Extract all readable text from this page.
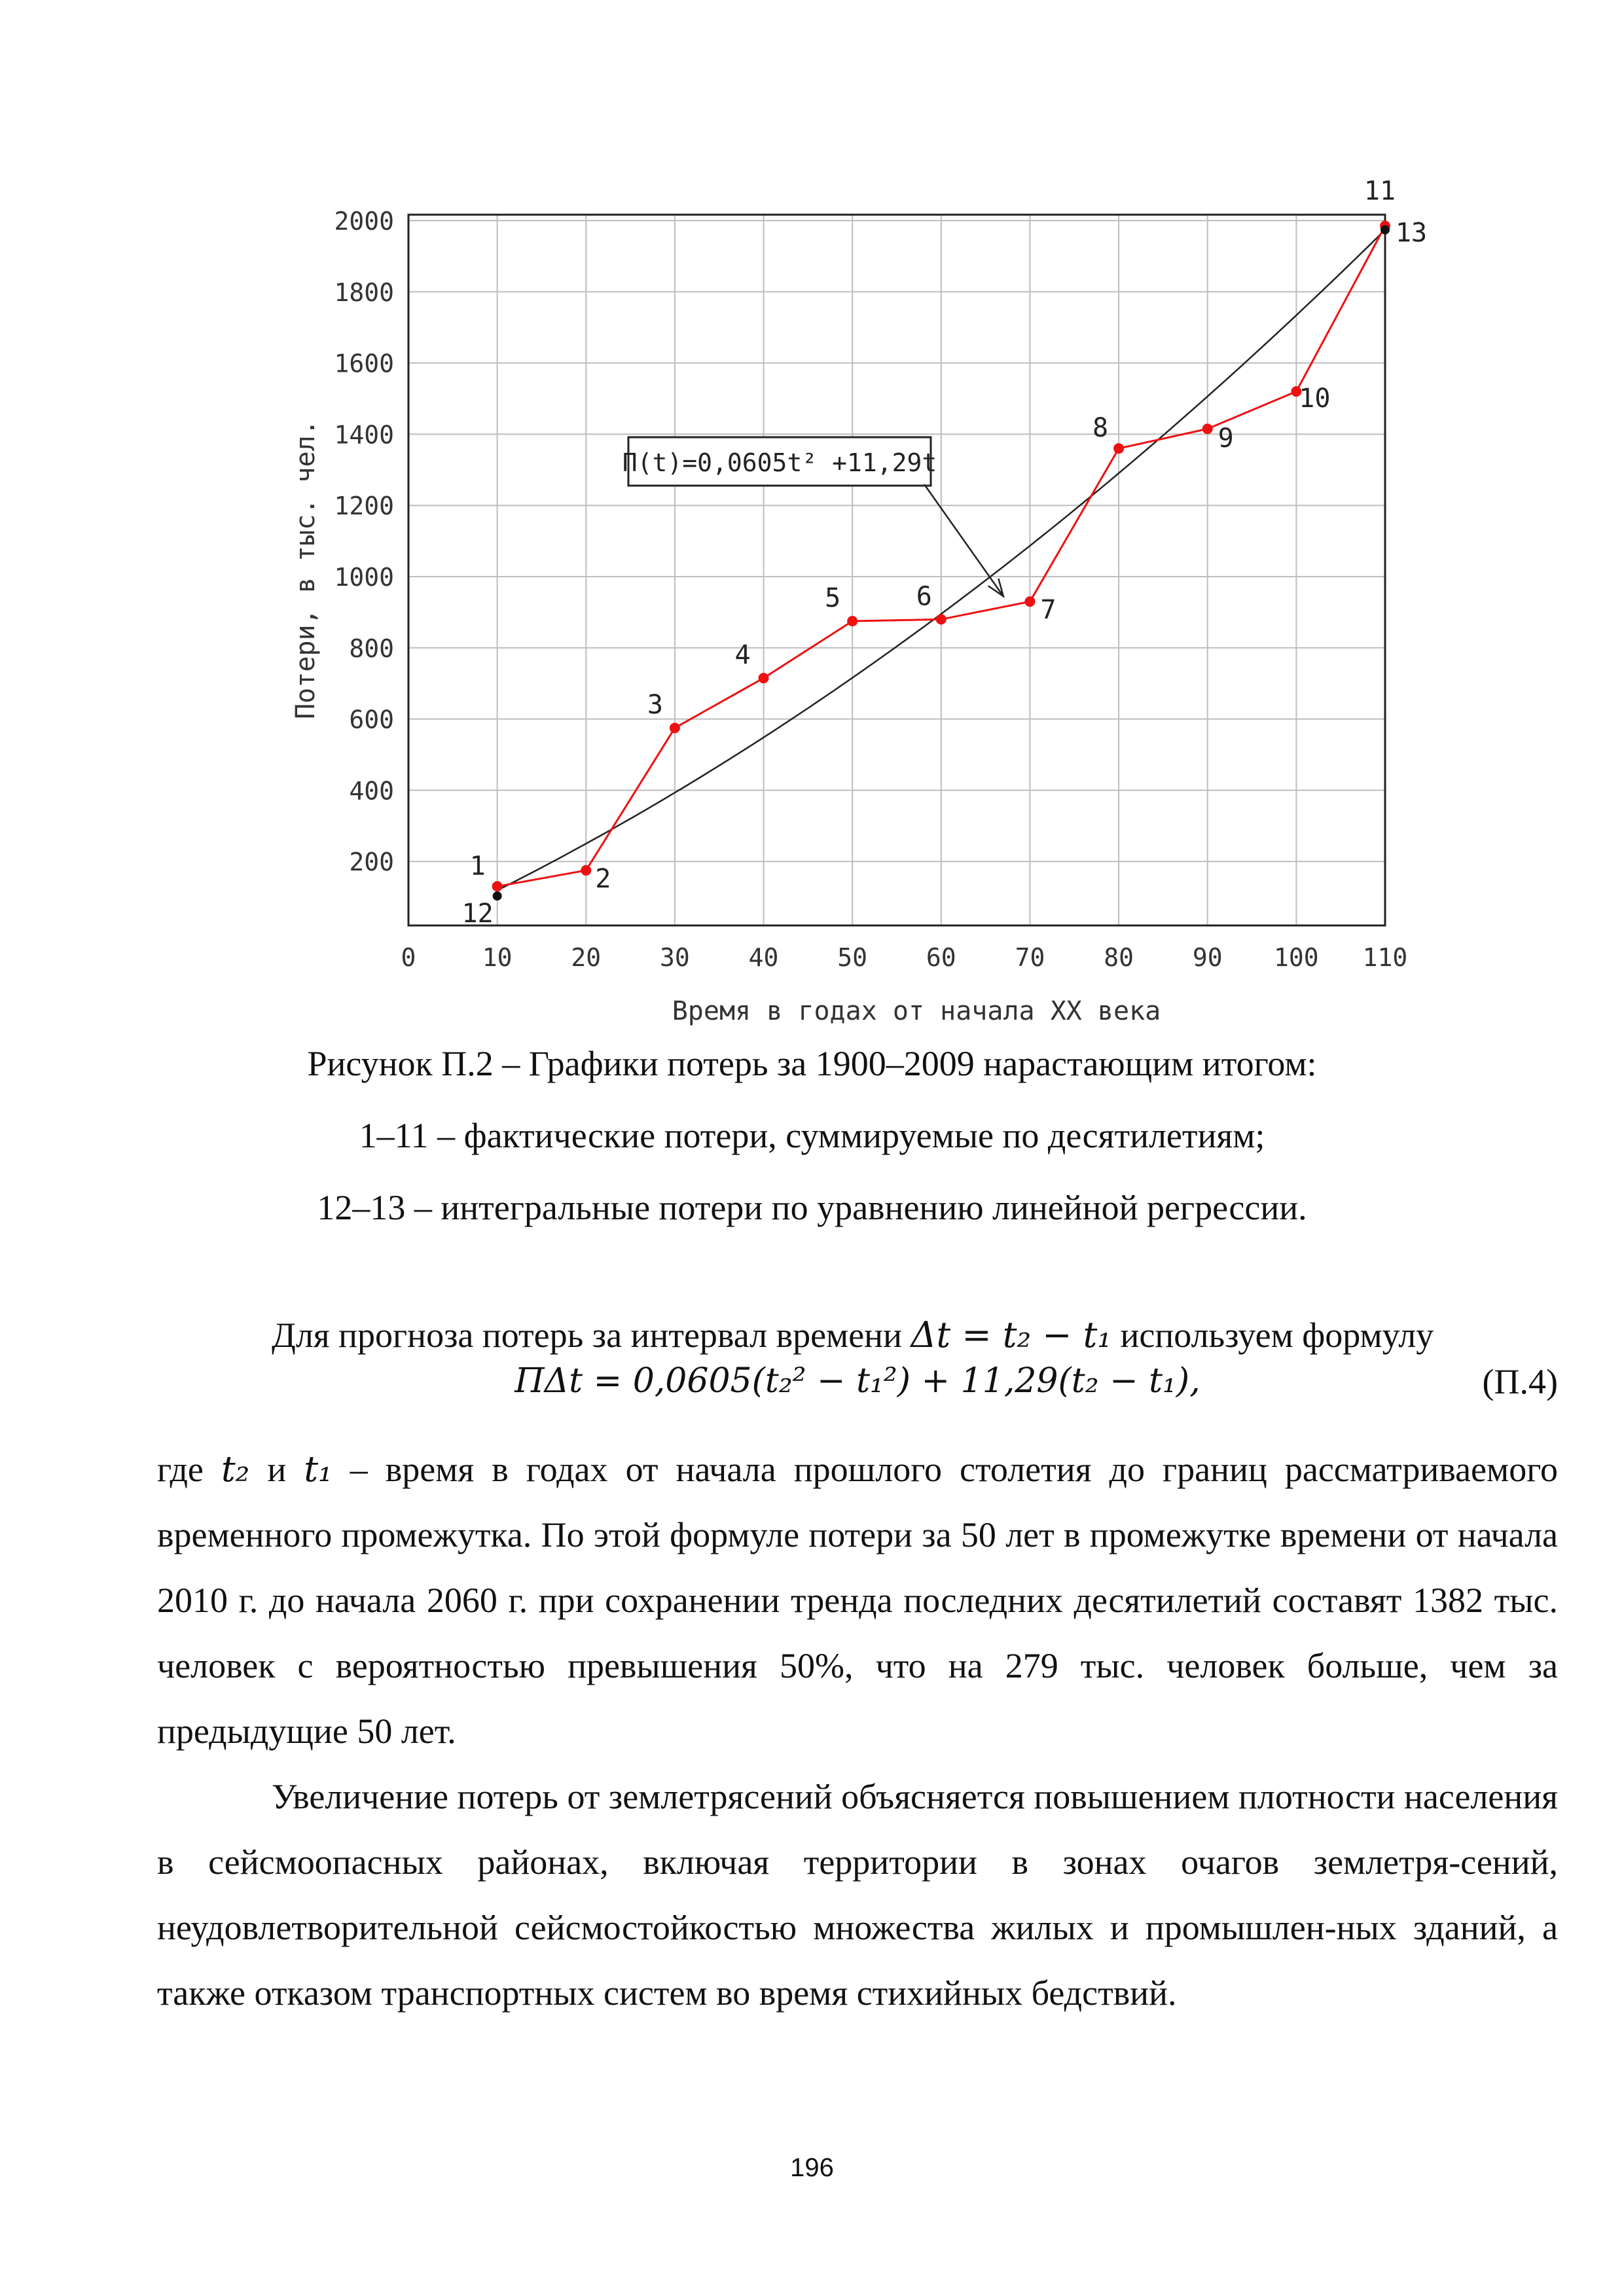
200
400
600
800
1000
1200
1400
1600
1800
2000
0	10 20 30 40 50 60 70 80 90 100 110
1	2
3
4
5	6	7
8	9
10
11
12
13
П(t)=0,0605t² +11,29t
Потери, в тыс. чел.
Время в годах от начала XX века
Рисунок П.2 – Графики потерь за 1900–2009 нарастающим итогом:
1–11 – фактические потери, суммируемые по десятилетиям;
12–13 – интегральные потери по уравнению линейной регрессии.
Для прогноза потерь за интервал времени Δt = t₂ − t₁ используем формулу
ПΔt = 0,0605(t₂² − t₁²) + 11,29(t₂ − t₁),	(П.4)
где t₂ и t₁ – время в годах от начала прошлого столетия до границ рассматриваемого временного промежутка. По этой формуле потери за 50 лет в промежутке времени от начала 2010 г. до начала 2060 г. при сохранении тренда последних десятилетий составят 1382 тыс. человек с вероятностью превышения 50%, что на 279 тыс. человек больше, чем за предыдущие 50 лет.
Увеличение потерь от землетрясений объясняется повышением плотности населения в сейсмоопасных районах, включая территории в зонах очагов землетря-сений, неудовлетворительной сейсмостойкостью множества жилых и промышлен-ных зданий, а также отказом транспортных систем во время стихийных бедствий.
196
